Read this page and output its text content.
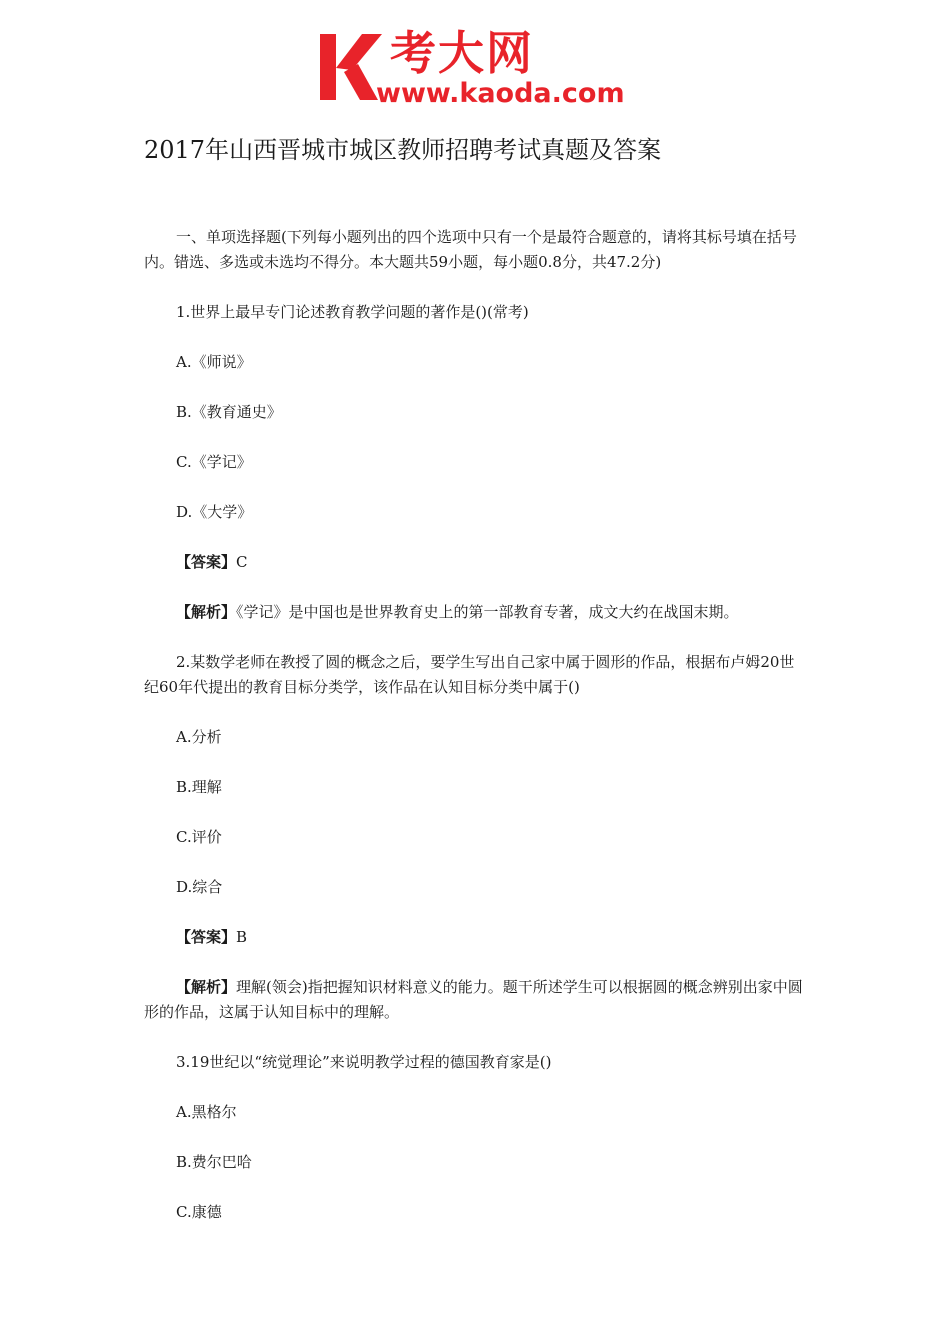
考大网
www.kaoda.com
2017年山西晋城市城区教师招聘考试真题及答案

一、单项选择题(下列每小题列出的四个选项中只有一个是最符合题意的，请将其标号填在括号内。错选、多选或未选均不得分。本大题共59小题，每小题0.8分，共47.2分)

1.世界上最早专门论述教育教学问题的著作是()(常考)

A.《师说》

B.《教育通史》

C.《学记》

D.《大学》

【答案】C

【解析】《学记》是中国也是世界教育史上的第一部教育专著，成文大约在战国末期。

2.某数学老师在教授了圆的概念之后，要学生写出自己家中属于圆形的作品，根据布卢姆20世纪60年代提出的教育目标分类学，该作品在认知目标分类中属于()

A.分析

B.理解

C.评价

D.综合

【答案】B

【解析】理解(领会)指把握知识材料意义的能力。题干所述学生可以根据圆的概念辨别出家中圆形的作品，这属于认知目标中的理解。

3.19世纪以“统觉理论”来说明教学过程的德国教育家是()

A.黑格尔

B.费尔巴哈

C.康德
